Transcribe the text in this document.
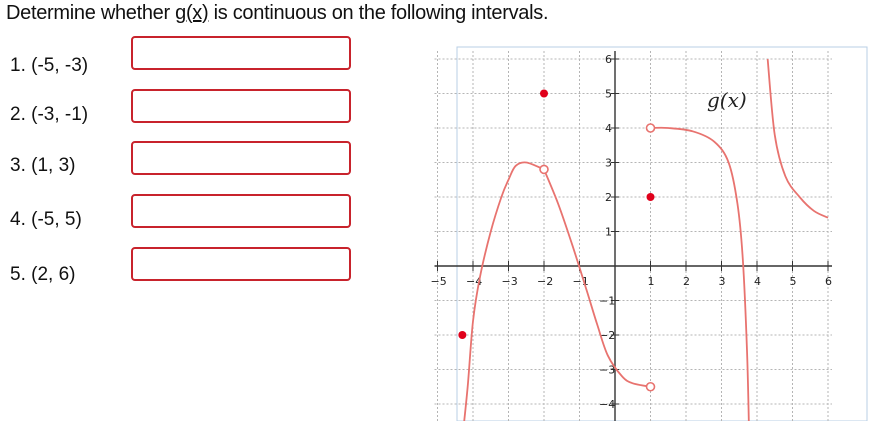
Determine whether g(x) is continuous on the following intervals.
1. (-5, -3)
2. (-3, -1)
3. (1, 3)
4. (-5, 5)
5. (2, 6)	−5 −4 −3 −2 −1	1	2	3	4	5	6
−4
−3
−2
−1
1
2
3
4
5
6
g(x)
